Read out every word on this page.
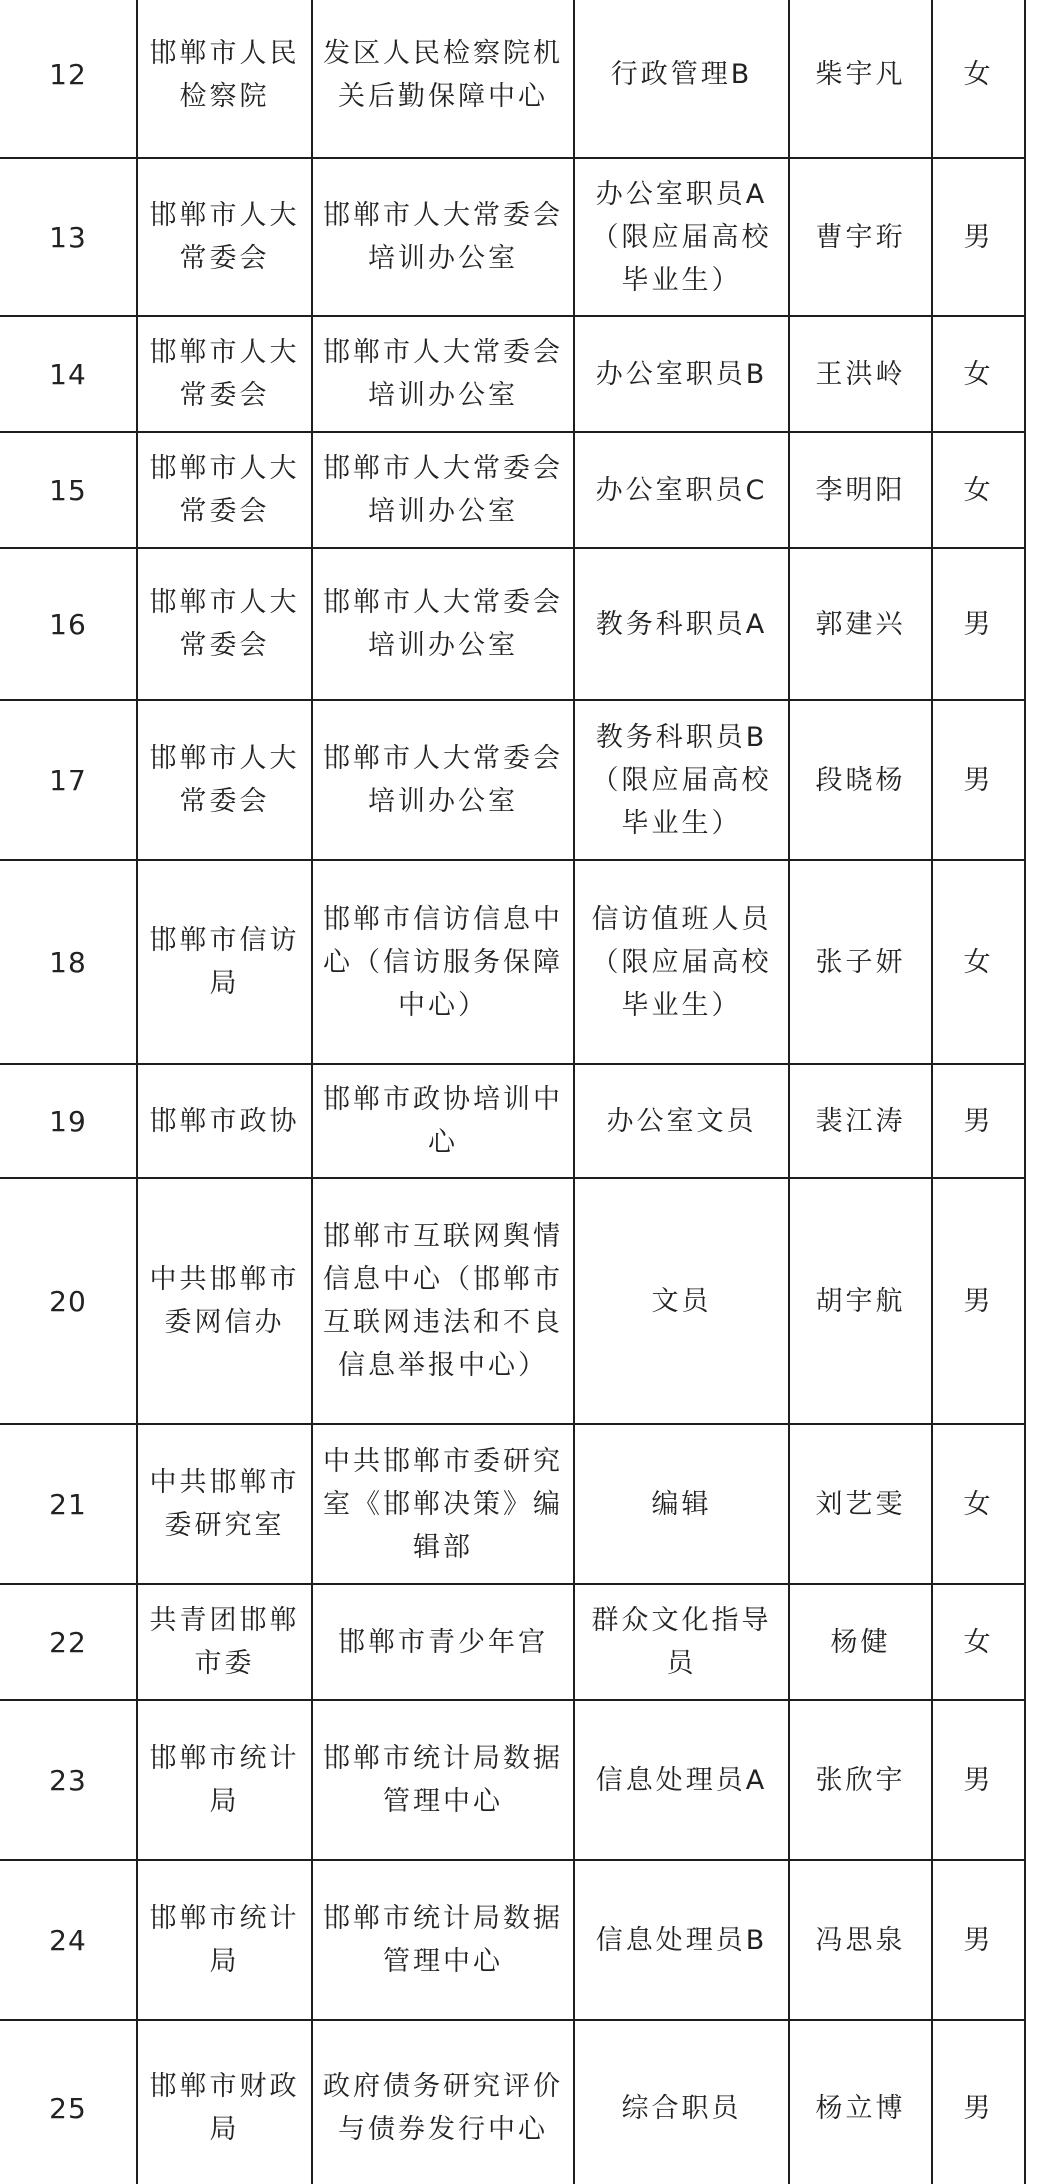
12	邯郸市人民检察院	发区人民检察院机关后勤保障中心	行政管理B	柴宇凡	女
13	邯郸市人大常委会	邯郸市人大常委会培训办公室	办公室职员A（限应届高校毕业生）	曹宇珩	男
14	邯郸市人大常委会	邯郸市人大常委会培训办公室	办公室职员B	王洪岭	女
15	邯郸市人大常委会	邯郸市人大常委会培训办公室	办公室职员C	李明阳	女
16	邯郸市人大常委会	邯郸市人大常委会培训办公室	教务科职员A	郭建兴	男
17	邯郸市人大常委会	邯郸市人大常委会培训办公室	教务科职员B（限应届高校毕业生）	段晓杨	男
18	邯郸市信访局	邯郸市信访信息中心（信访服务保障中心）	信访值班人员（限应届高校毕业生）	张子妍	女
19	邯郸市政协	邯郸市政协培训中心	办公室文员	裴江涛	男
20	中共邯郸市委网信办	邯郸市互联网舆情信息中心（邯郸市互联网违法和不良信息举报中心）	文员	胡宇航	男
21	中共邯郸市委研究室	中共邯郸市委研究室《邯郸决策》编辑部	编辑	刘艺雯	女
22	共青团邯郸市委	邯郸市青少年宫	群众文化指导员	杨健	女
23	邯郸市统计局	邯郸市统计局数据管理中心	信息处理员A	张欣宇	男
24	邯郸市统计局	邯郸市统计局数据管理中心	信息处理员B	冯思泉	男
25	邯郸市财政局	政府债务研究评价与债券发行中心	综合职员	杨立博	男
